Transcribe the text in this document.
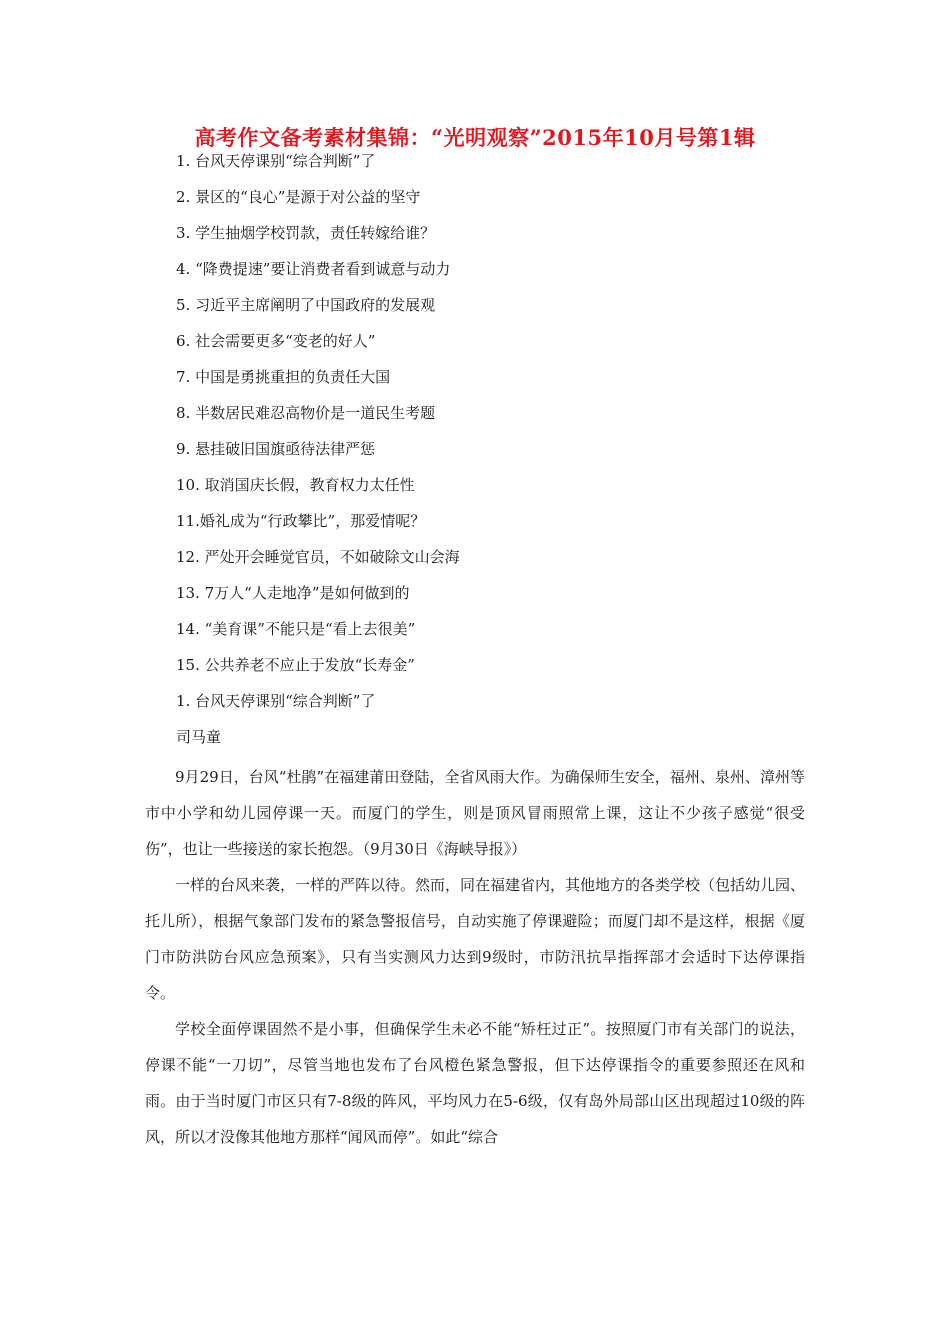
高考作文备考素材集锦：“光明观察”2015年10月号第1辑
1. 台风天停课别“综合判断”了
2. 景区的“良心”是源于对公益的坚守
3. 学生抽烟学校罚款，责任转嫁给谁？
4. “降费提速”要让消费者看到诚意与动力
5. 习近平主席阐明了中国政府的发展观
6. 社会需要更多“变老的好人”
7. 中国是勇挑重担的负责任大国
8. 半数居民难忍高物价是一道民生考题
9. 悬挂破旧国旗亟待法律严惩
10. 取消国庆长假，教育权力太任性
11.婚礼成为“行政攀比”，那爱情呢？
12. 严处开会睡觉官员，不如破除文山会海
13. 7万人“人走地净”是如何做到的
14. “美育课”不能只是“看上去很美”
15. 公共养老不应止于发放“长寿金”
1. 台风天停课别“综合判断”了
司马童

9月29日，台风“杜鹃”在福建莆田登陆，全省风雨大作。为确保师生安全，福州、泉州、漳州等市中小学和幼儿园停课一天。而厦门的学生，则是顶风冒雨照常上课，这让不少孩子感觉“很受伤”，也让一些接送的家长抱怨。（9月30日《海峡导报》）

一样的台风来袭，一样的严阵以待。然而，同在福建省内，其他地方的各类学校（包括幼儿园、托儿所），根据气象部门发布的紧急警报信号，自动实施了停课避险；而厦门却不是这样，根据《厦门市防洪防台风应急预案》，只有当实测风力达到9级时，市防汛抗旱指挥部才会适时下达停课指令。

学校全面停课固然不是小事，但确保学生未必不能“矫枉过正”。按照厦门市有关部门的说法，停课不能“一刀切”，尽管当地也发布了台风橙色紧急警报，但下达停课指令的重要参照还在风和雨。由于当时厦门市区只有7-8级的阵风，平均风力在5-6级，仅有岛外局部山区出现超过10级的阵风，所以才没像其他地方那样“闻风而停”。如此“综合
